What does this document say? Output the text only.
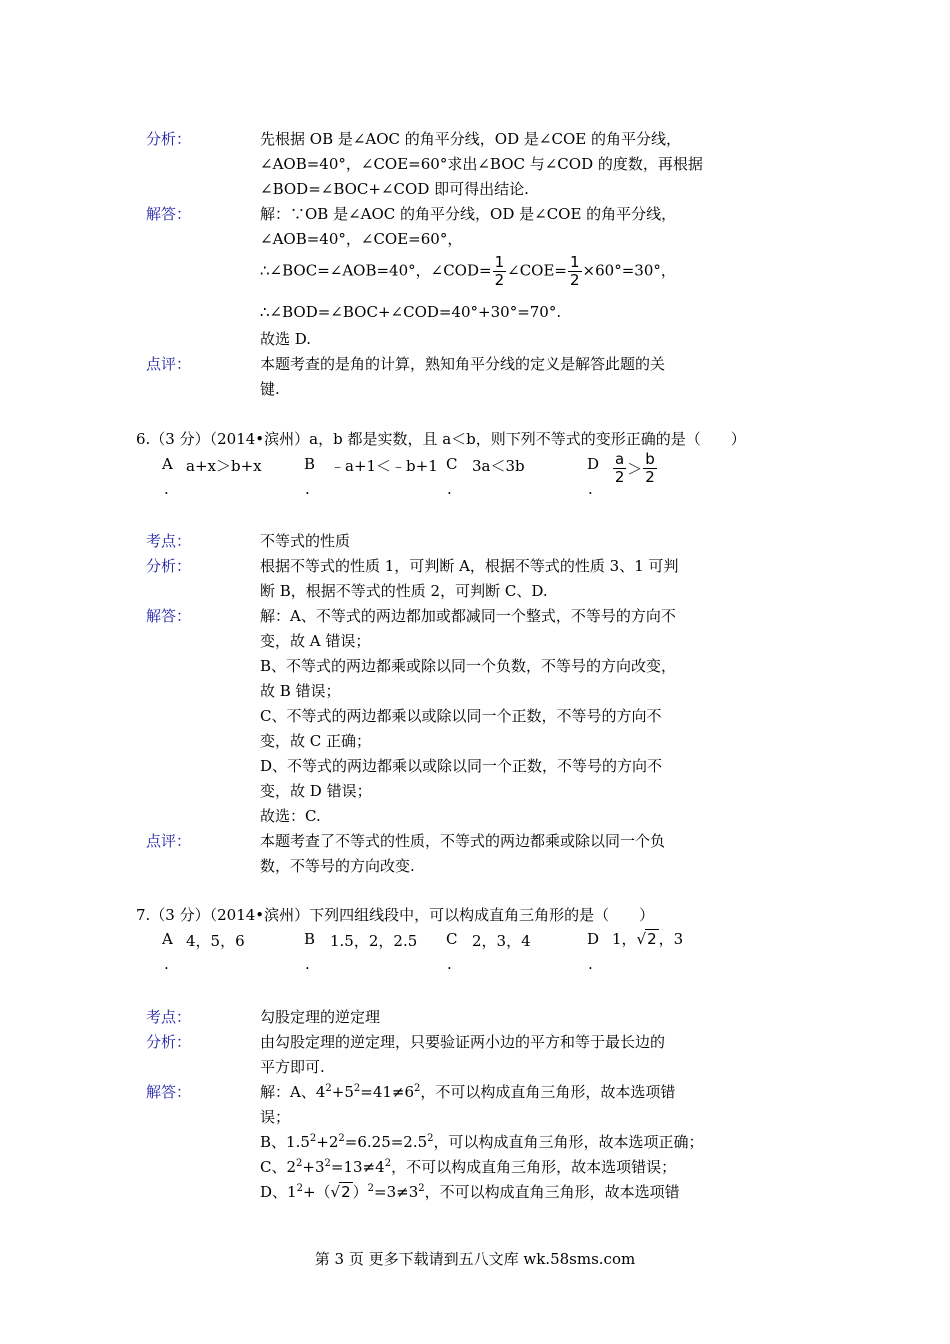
分析：	先根据 OB 是∠AOC 的角平分线，OD 是∠COE 的角平分线，
∠AOB=40°，∠COE=60°求出∠BOC 与∠COD 的度数，再根据
∠BOD=∠BOC+∠COD 即可得出结论.
解答：	解：∵OB 是∠AOC 的角平分线，OD 是∠COE 的角平分线，
∠AOB=40°，∠COE=60°，
∴∠BOC=∠AOB=40°，∠COD= $\frac{1}{2}$ ∠COE= $\frac{1}{2} \times 60^\circ=30^\circ$，
∴∠BOD=∠BOC+∠COD=40°+30°=70°.
故选 D.
点评：	本题考查的是角的计算，熟知角平分线的定义是解答此题的关
键.
6.（3 分）（2014•滨州）a，b 都是实数，且 a＜b，则下列不等式的变形正确的是（　　）
A a+x＞b+x
.
B ﹣a+1＜﹣b+1
.
C 3a＜3b
.
D $\frac{a}{2} > \frac{b}{2}$
.
考点：	不等式的性质
分析：	根据不等式的性质 1，可判断 A，根据不等式的性质 3、1 可判
断 B，根据不等式的性质 2，可判断 C、D.
解答：	解：A、不等式的两边都加或都减同一个整式，不等号的方向不
变，故 A 错误；
B、不等式的两边都乘或除以同一个负数，不等号的方向改变，
故 B 错误；
C、不等式的两边都乘以或除以同一个正数，不等号的方向不
变，故 C 正确；
D、不等式的两边都乘以或除以同一个正数，不等号的方向不
变，故 D 错误；
故选：C.
点评：	本题考查了不等式的性质，不等式的两边都乘或除以同一个负
数，不等号的方向改变.
7.（3 分）（2014•滨州）下列四组线段中，可以构成直角三角形的是（　　）
A 4，5，6
.
B 1.5，2，2.5
.
C 2，3，4
.
D 1，√2 ，3
.
考点：	勾股定理的逆定理
分析：	由勾股定理的逆定理，只要验证两小边的平方和等于最长边的
平方即可.
解答：	解：A、$4^2+5^2=41\ne 6^2$，不可以构成直角三角形，故本选项错
误；
B、$1.5^2+2^2=6.25=2.5^2$，可以构成直角三角形，故本选项正确；
C、$2^2+3^2=13\ne 4^2$，不可以构成直角三角形，故本选项错误；
D、$1^2+(√2$ ）$^2=3\ne 3^2$，不可以构成直角三角形，故本选项错
第 3 页 更多下载请到五八文库 wk.58sms.com
